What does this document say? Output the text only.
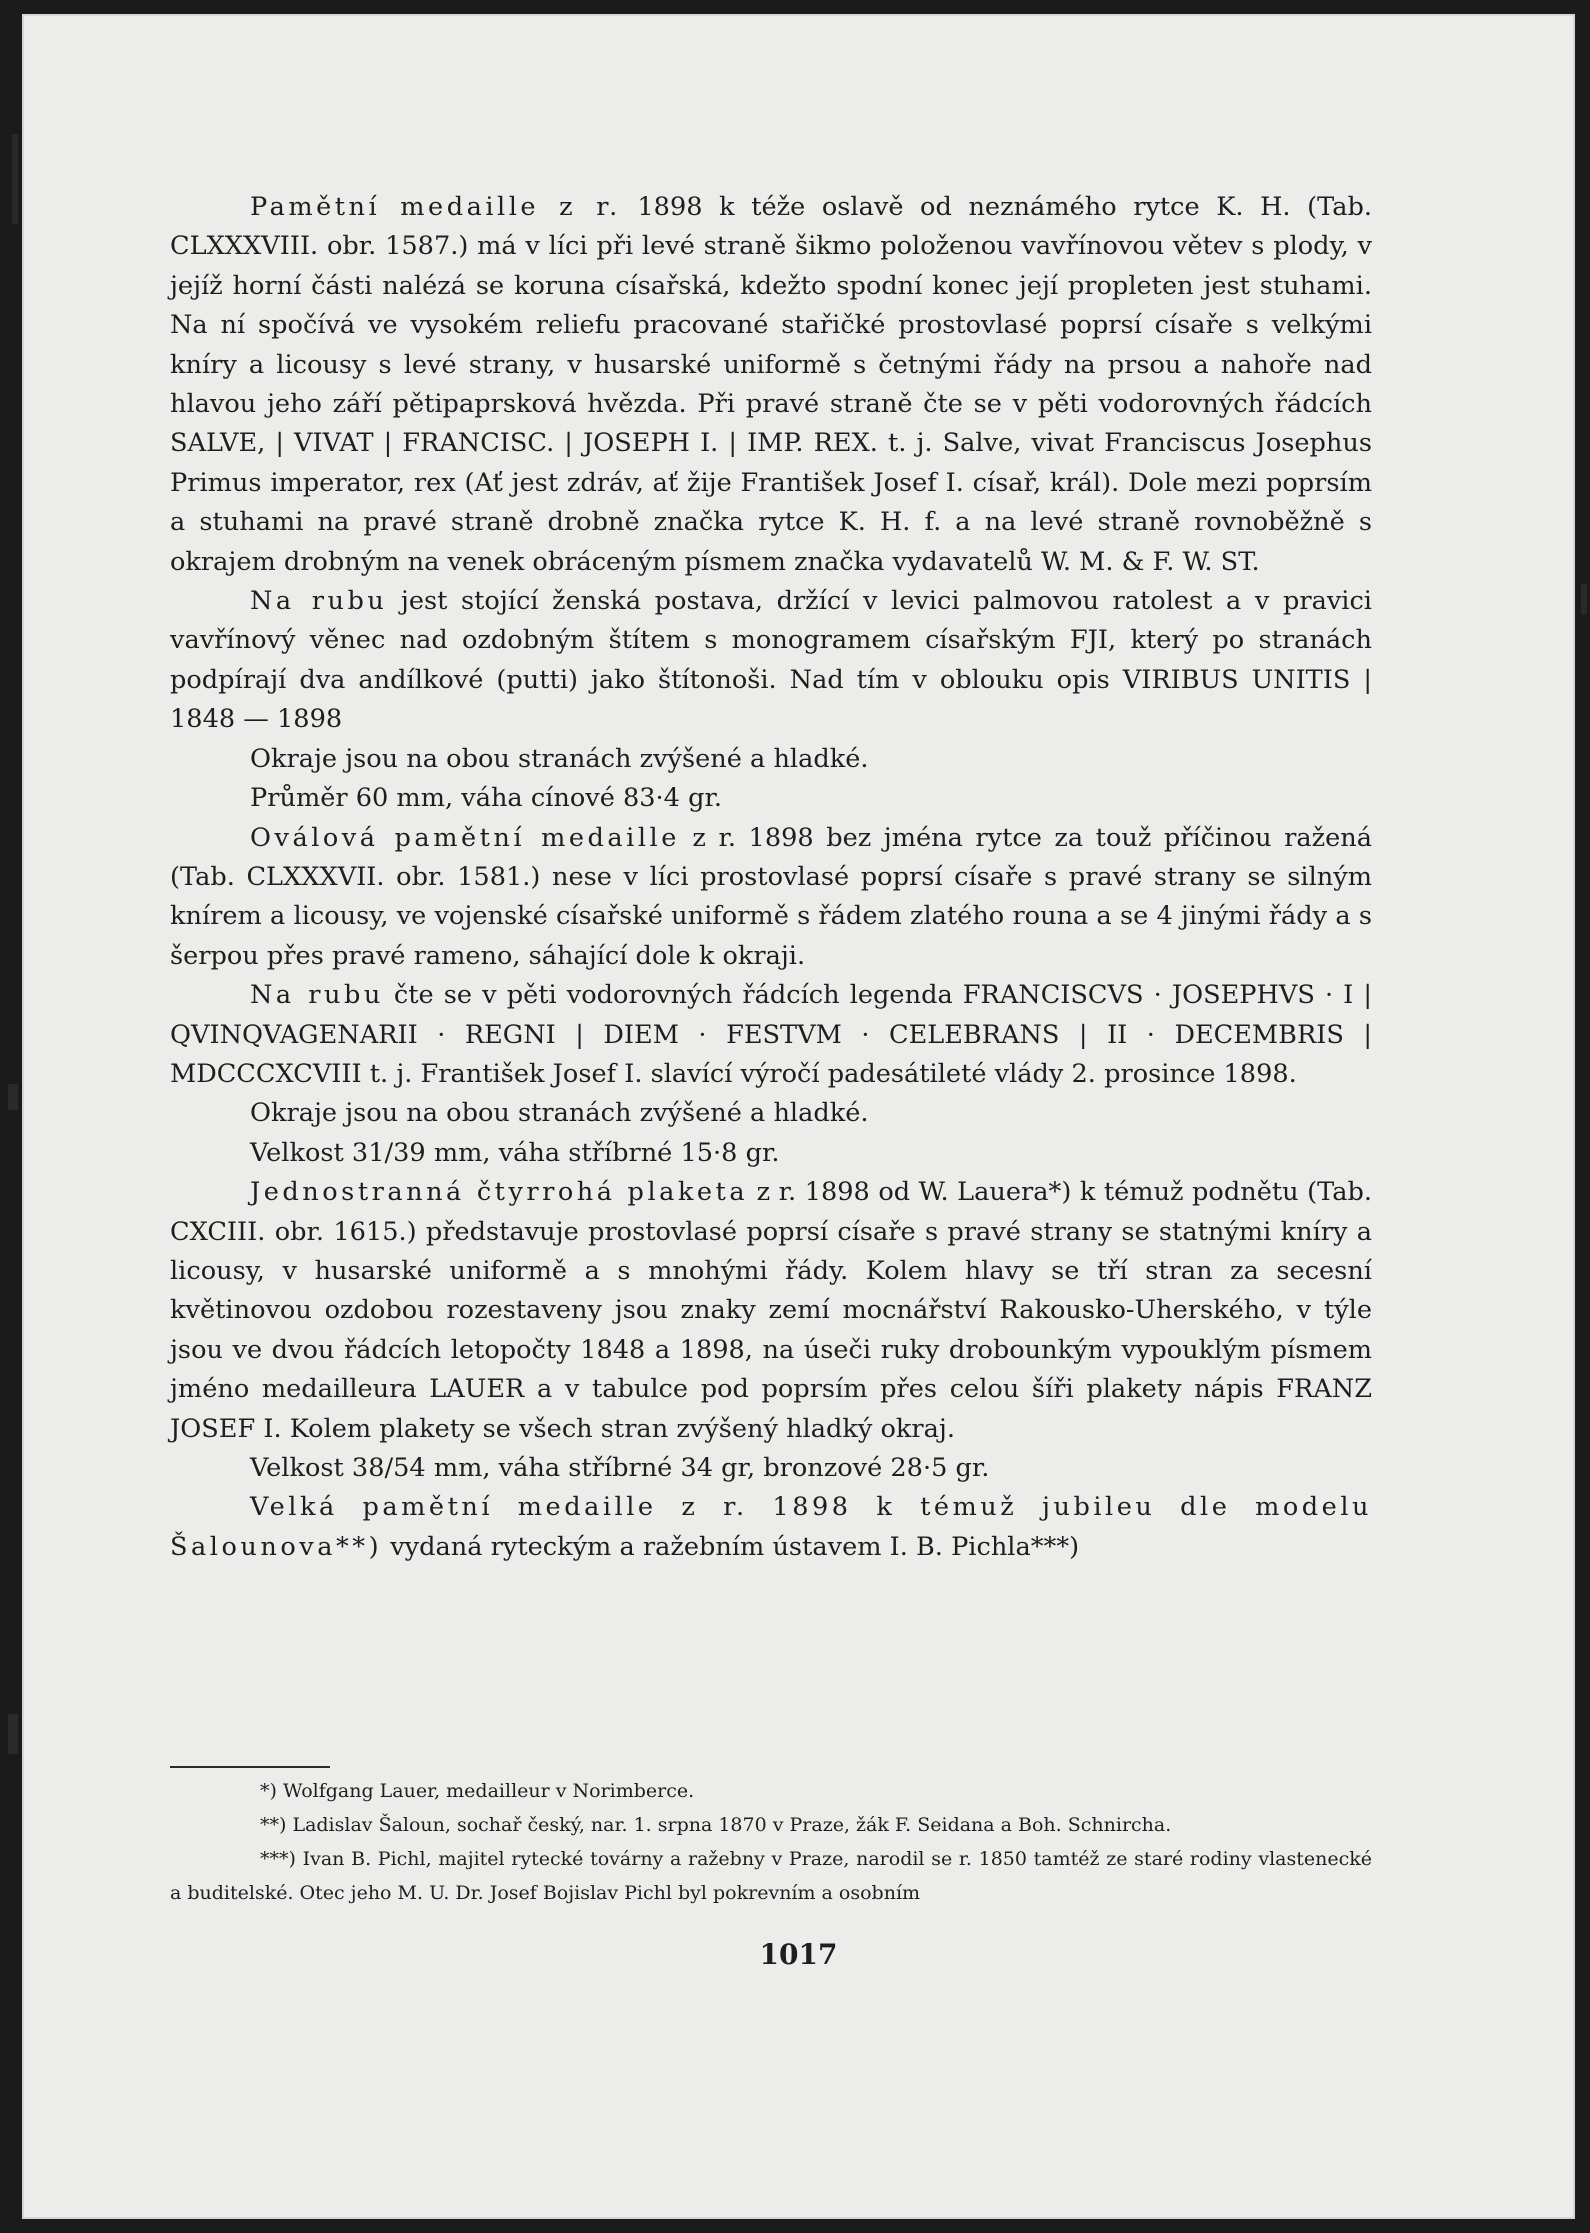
Pamětní medaille z r. 1898 k téže oslavě od neznámého rytce K. H. (Tab. CLXXXVIII. obr. 1587.) má v líci při levé straně šikmo položenou vavřínovou větev s plody, v jejíž horní části nalézá se koruna císařská, kdežto spodní konec její propleten jest stuhami. Na ní spočívá ve vysokém reliefu pracované stařičké prostovlasé poprsí císaře s velkými kníry a licousy s levé strany, v husarské uniformě s četnými řády na prsou a nahoře nad hlavou jeho září pětipaprsková hvězda. Při pravé straně čte se v pěti vodorovných řádcích SALVE, | VIVAT | FRANCISC. | JOSEPH I. | IMP. REX. t. j. Salve, vivat Franciscus Josephus Primus imperator, rex (Ať jest zdráv, ať žije František Josef I. císař, král). Dole mezi poprsím a stuhami na pravé straně drobně značka rytce K. H. f. a na levé straně rovnoběžně s okrajem drobným na venek obráceným písmem značka vydavatelů W. M. & F. W. ST.

Na rubu jest stojící ženská postava, držící v levici palmovou ratolest a v pravici vavřínový věnec nad ozdobným štítem s monogramem císařským FJI, který po stranách podpírají dva andílkové (putti) jako štítonoši. Nad tím v oblouku opis VIRIBUS UNITIS | 1848 — 1898

Okraje jsou na obou stranách zvýšené a hladké.

Průměr 60 mm, váha cínové 83·4 gr.

Oválová pamětní medaille z r. 1898 bez jména rytce za touž příčinou ražená (Tab. CLXXXVII. obr. 1581.) nese v líci prostovlasé poprsí císaře s pravé strany se silným knírem a licousy, ve vojenské císařské uniformě s řádem zlatého rouna a se 4 jinými řády a s šerpou přes pravé rameno, sáhající dole k okraji.

Na rubu čte se v pěti vodorovných řádcích legenda FRANCISCVS · JOSEPHVS · I | QVINQVAGENARII · REGNI | DIEM · FESTVM · CELEBRANS | II · DECEMBRIS | MDCCCXCVIII t. j. František Josef I. slavící výročí padesátileté vlády 2. prosince 1898.

Okraje jsou na obou stranách zvýšené a hladké.

Velkost 31/39 mm, váha stříbrné 15·8 gr.

Jednostranná čtyrrohá plaketa z r. 1898 od W. Lauera*) k témuž podnětu (Tab. CXCIII. obr. 1615.) představuje prostovlasé poprsí císaře s pravé strany se statnými kníry a licousy, v husarské uniformě a s mnohými řády. Kolem hlavy se tří stran za secesní květinovou ozdobou rozestaveny jsou znaky zemí mocnářství Rakousko-Uherského, v týle jsou ve dvou řádcích letopočty 1848 a 1898, na úseči ruky drobounkým vypouklým písmem jméno medailleura LAUER a v tabulce pod poprsím přes celou šíři plakety nápis FRANZ JOSEF I. Kolem plakety se všech stran zvýšený hladký okraj.

Velkost 38/54 mm, váha stříbrné 34 gr, bronzové 28·5 gr.

Velká pamětní medaille z r. 1898 k témuž jubileu dle modelu Šalounova**) vydaná ryteckým a ražebním ústavem I. B. Pichla***)

*) Wolfgang Lauer, medailleur v Norimberce.

**) Ladislav Šaloun, sochař český, nar. 1. srpna 1870 v Praze, žák F. Seidana a Boh. Schnircha.

***) Ivan B. Pichl, majitel rytecké továrny a ražebny v Praze, narodil se r. 1850 tamtéž ze staré rodiny vlastenecké a buditelské. Otec jeho M. U. Dr. Josef Bojislav Pichl byl pokrevním a osobním

1017
